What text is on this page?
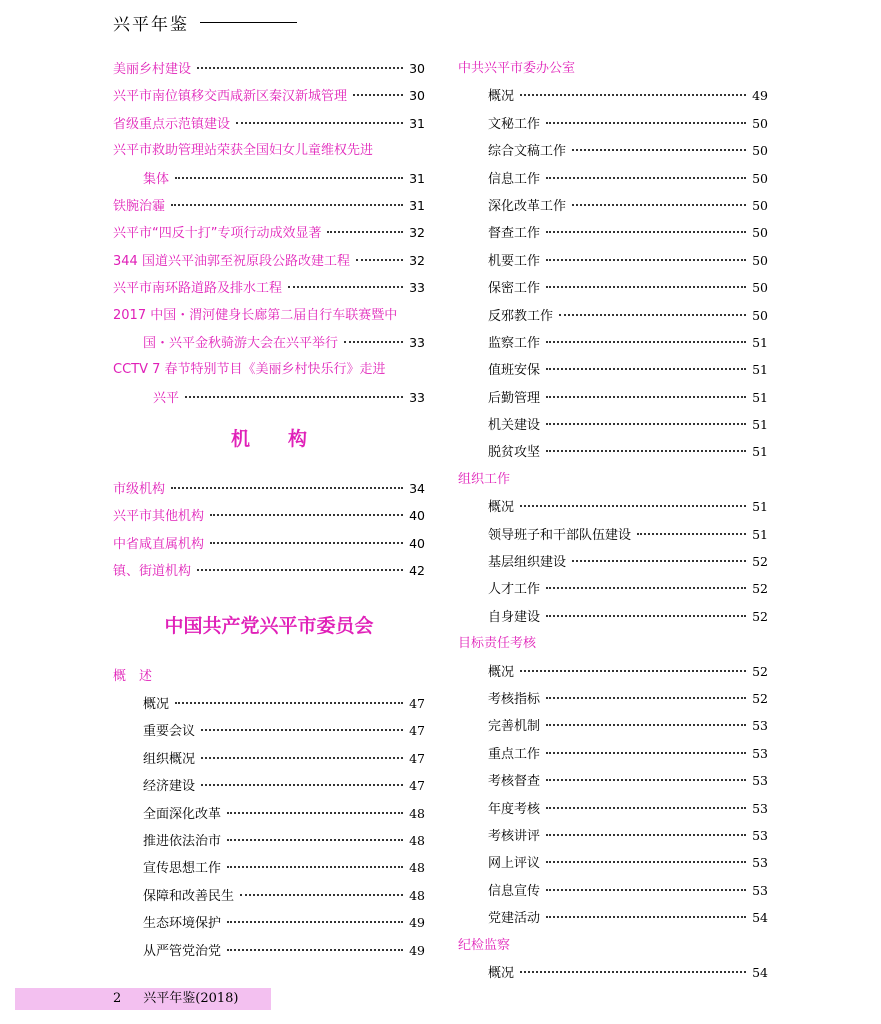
兴平年鉴
美丽乡村建设	30
兴平市南位镇移交西咸新区秦汉新城管理	30
省级重点示范镇建设	31
兴平市救助管理站荣获全国妇女儿童维权先进
集体	31
铁腕治霾	31
兴平市“四反十打”专项行动成效显著	32
344 国道兴平油郭至祝原段公路改建工程	32
兴平市南环路道路及排水工程	33
2017 中国・渭河健身长廊第二届自行车联赛暨中
国・兴平金秋骑游大会在兴平举行	33
CCTV 7 春节特别节目《美丽乡村快乐行》走进
兴平	33
机　　构
市级机构	34
兴平市其他机构	40
中省咸直属机构	40
镇、街道机构	42
中国共产党兴平市委员会
概　述
概况	47
重要会议	47
组织概况	47
经济建设	47
全面深化改革	48
推进依法治市	48
宣传思想工作	48
保障和改善民生	48
生态环境保护	49
从严管党治党	49
中共兴平市委办公室
概况	49
文秘工作	50
综合文稿工作	50
信息工作	50
深化改革工作	50
督查工作	50
机要工作	50
保密工作	50
反邪教工作	50
监察工作	51
值班安保	51
后勤管理	51
机关建设	51
脱贫攻坚	51
组织工作
概况	51
领导班子和干部队伍建设	51
基层组织建设	52
人才工作	52
自身建设	52
目标责任考核
概况	52
考核指标	52
完善机制	53
重点工作	53
考核督查	53
年度考核	53
考核讲评	53
网上评议	53
信息宣传	53
党建活动	54
纪检监察
概况	54
2 兴平年鉴(2018)
